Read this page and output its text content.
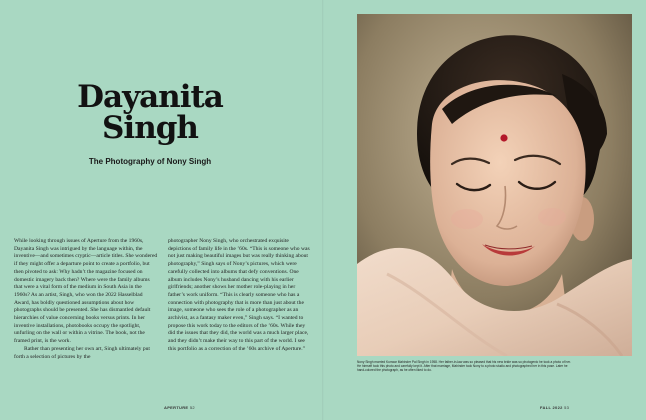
Dayanita
Singh
The Photography of Nony Singh

While looking through issues of Aperture from the 1960s, Dayanita Singh was intrigued by the language within, the inventive—and sometimes cryptic—article titles. She wondered if they might offer a departure point to create a portfolio, but then pivoted to ask: Why hadn’t the magazine focused on domestic imagery back then? Where were the family albums that were a vital form of the medium in South Asia in the 1960s? As an artist, Singh, who won the 2022 Hasselblad Award, has boldly questioned assumptions about how photographs should be presented. She has dismantled default hierarchies of value concerning books versus prints. In her inventive installations, photobooks occupy the spotlight, unfurling on the wall or within a vitrine. The book, not the framed print, is the work.

Rather than presenting her own art, Singh ultimately put forth a selection of pictures by the

photographer Nony Singh, who orchestrated exquisite depictions of family life in the ’60s. “This is someone who was not just making beautiful images but was really thinking about photography,” Singh says of Nony’s pictures, which were carefully collected into albums that defy conventions. One album includes Nony’s husband dancing with his earlier girlfriends; another shows her mother role-playing in her father’s work uniform. “This is clearly someone who has a connection with photography that is more than just about the image, someone who sees the role of a photographer as an archivist, as a fantasy maker even,” Singh says. “I wanted to propose this work today to the editors of the ’60s. While they did the issues that they did, the world was a much larger place, and they didn’t make their way to this part of the world. I see this portfolio as a correction of the ’60s archive of Aperture.”

APERTURE 52
Nony Singh married Kunwar Mahinder Pal Singh in 1958. Her father-in-law was so pleased that his new bride was so photogenic he took a photo of her. He himself took this photo and carefully kept it. After that marriage, Mahinder took Nony to a photo studio and photographed her in this pose. Later he hand-colored the photograph, as he often liked to do.
FALL 2022 53
